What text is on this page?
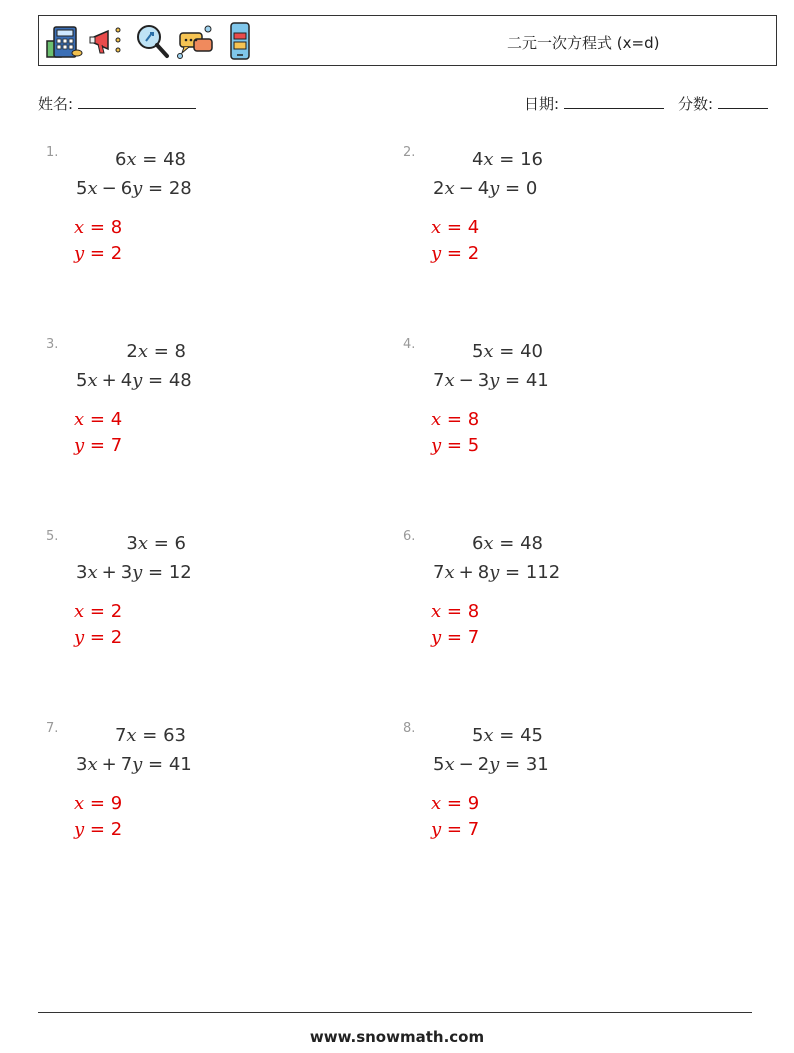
二元一次方程式 (x=d)
姓名:	日期:	分数:
1.	6x = 48
5x − 6y = 28
x = 8
y = 2
2.	4x = 16
2x − 4y = 0
x = 4
y = 2
3.	2x = 8
5x + 4y = 48
x = 4
y = 7
4.	5x = 40
7x − 3y = 41
x = 8
y = 5
5.	3x = 6
3x + 3y = 12
x = 2
y = 2
6.	6x = 48
7x + 8y = 112
x = 8
y = 7
7.	7x = 63
3x + 7y = 41
x = 9
y = 2
8.	5x = 45
5x − 2y = 31
x = 9
y = 7
www.snowmath.com
